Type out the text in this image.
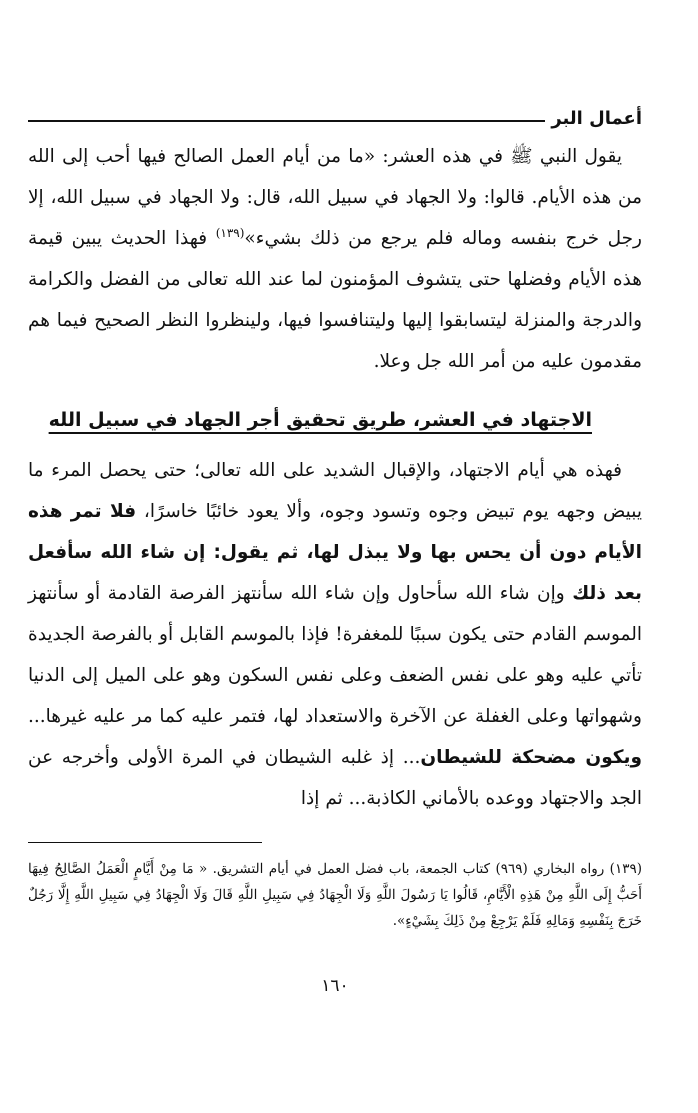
أعمال البر

يقول النبي ﷺ في هذه العشر: «ما من أيام العمل الصالح فيها أحب إلى الله من هذه الأيام. قالوا: ولا الجهاد في سبيل الله، قال: ولا الجهاد في سبيل الله، إلا رجل خرج بنفسه وماله فلم يرجع من ذلك بشيء»$^{(١٣٩)}$ فهذا الحديث يبين قيمة هذه الأيام وفضلها حتى يتشوف المؤمنون لما عند الله تعالى من الفضل والكرامة والدرجة والمنزلة ليتسابقوا إليها وليتنافسوا فيها، ولينظروا النظر الصحيح فيما هم مقدمون عليه من أمر الله جل وعلا.

الاجتهاد في العشر، طريق تحقيق أجر الجهاد في سبيل الله

فهذه هي أيام الاجتهاد، والإقبال الشديد على الله تعالى؛ حتى يحصل المرء ما يبيض وجهه يوم تبيض وجوه وتسود وجوه، وألا يعود خائبًا خاسرًا، فلا تمر هذه الأيام دون أن يحس بها ولا يبذل لها، ثم يقول: إن شاء الله سأفعل بعد ذلك وإن شاء الله سأحاول وإن شاء الله سأنتهز الفرصة القادمة أو سأنتهز الموسم القادم حتى يكون سببًا للمغفرة! فإذا بالموسم القابل أو بالفرصة الجديدة تأتي عليه وهو على نفس الضعف وعلى نفس السكون وهو على الميل إلى الدنيا وشهواتها وعلى الغفلة عن الآخرة والاستعداد لها، فتمر عليه كما مر عليه غيرها... ويكون مضحكة للشيطان... إذ غلبه الشيطان في المرة الأولى وأخرجه عن الجد والاجتهاد ووعده بالأماني الكاذبة... ثم إذا

(١٣٩) رواه البخاري (٩٦٩) كتاب الجمعة، باب فضل العمل في أيام التشريق. « مَا مِنْ أَيَّامٍ الْعَمَلُ الصَّالِحُ فِيهَا أَحَبُّ إِلَى اللَّهِ مِنْ هَذِهِ الْأَيَّامِ، قَالُوا يَا رَسُولَ اللَّهِ وَلَا الْجِهَادُ فِي سَبِيلِ اللَّهِ قَالَ وَلَا الْجِهَادُ فِي سَبِيلِ اللَّهِ إِلَّا رَجُلٌ خَرَجَ بِنَفْسِهِ وَمَالِهِ فَلَمْ يَرْجِعْ مِنْ ذَلِكَ بِشَيْءٍ».

١٦٠
